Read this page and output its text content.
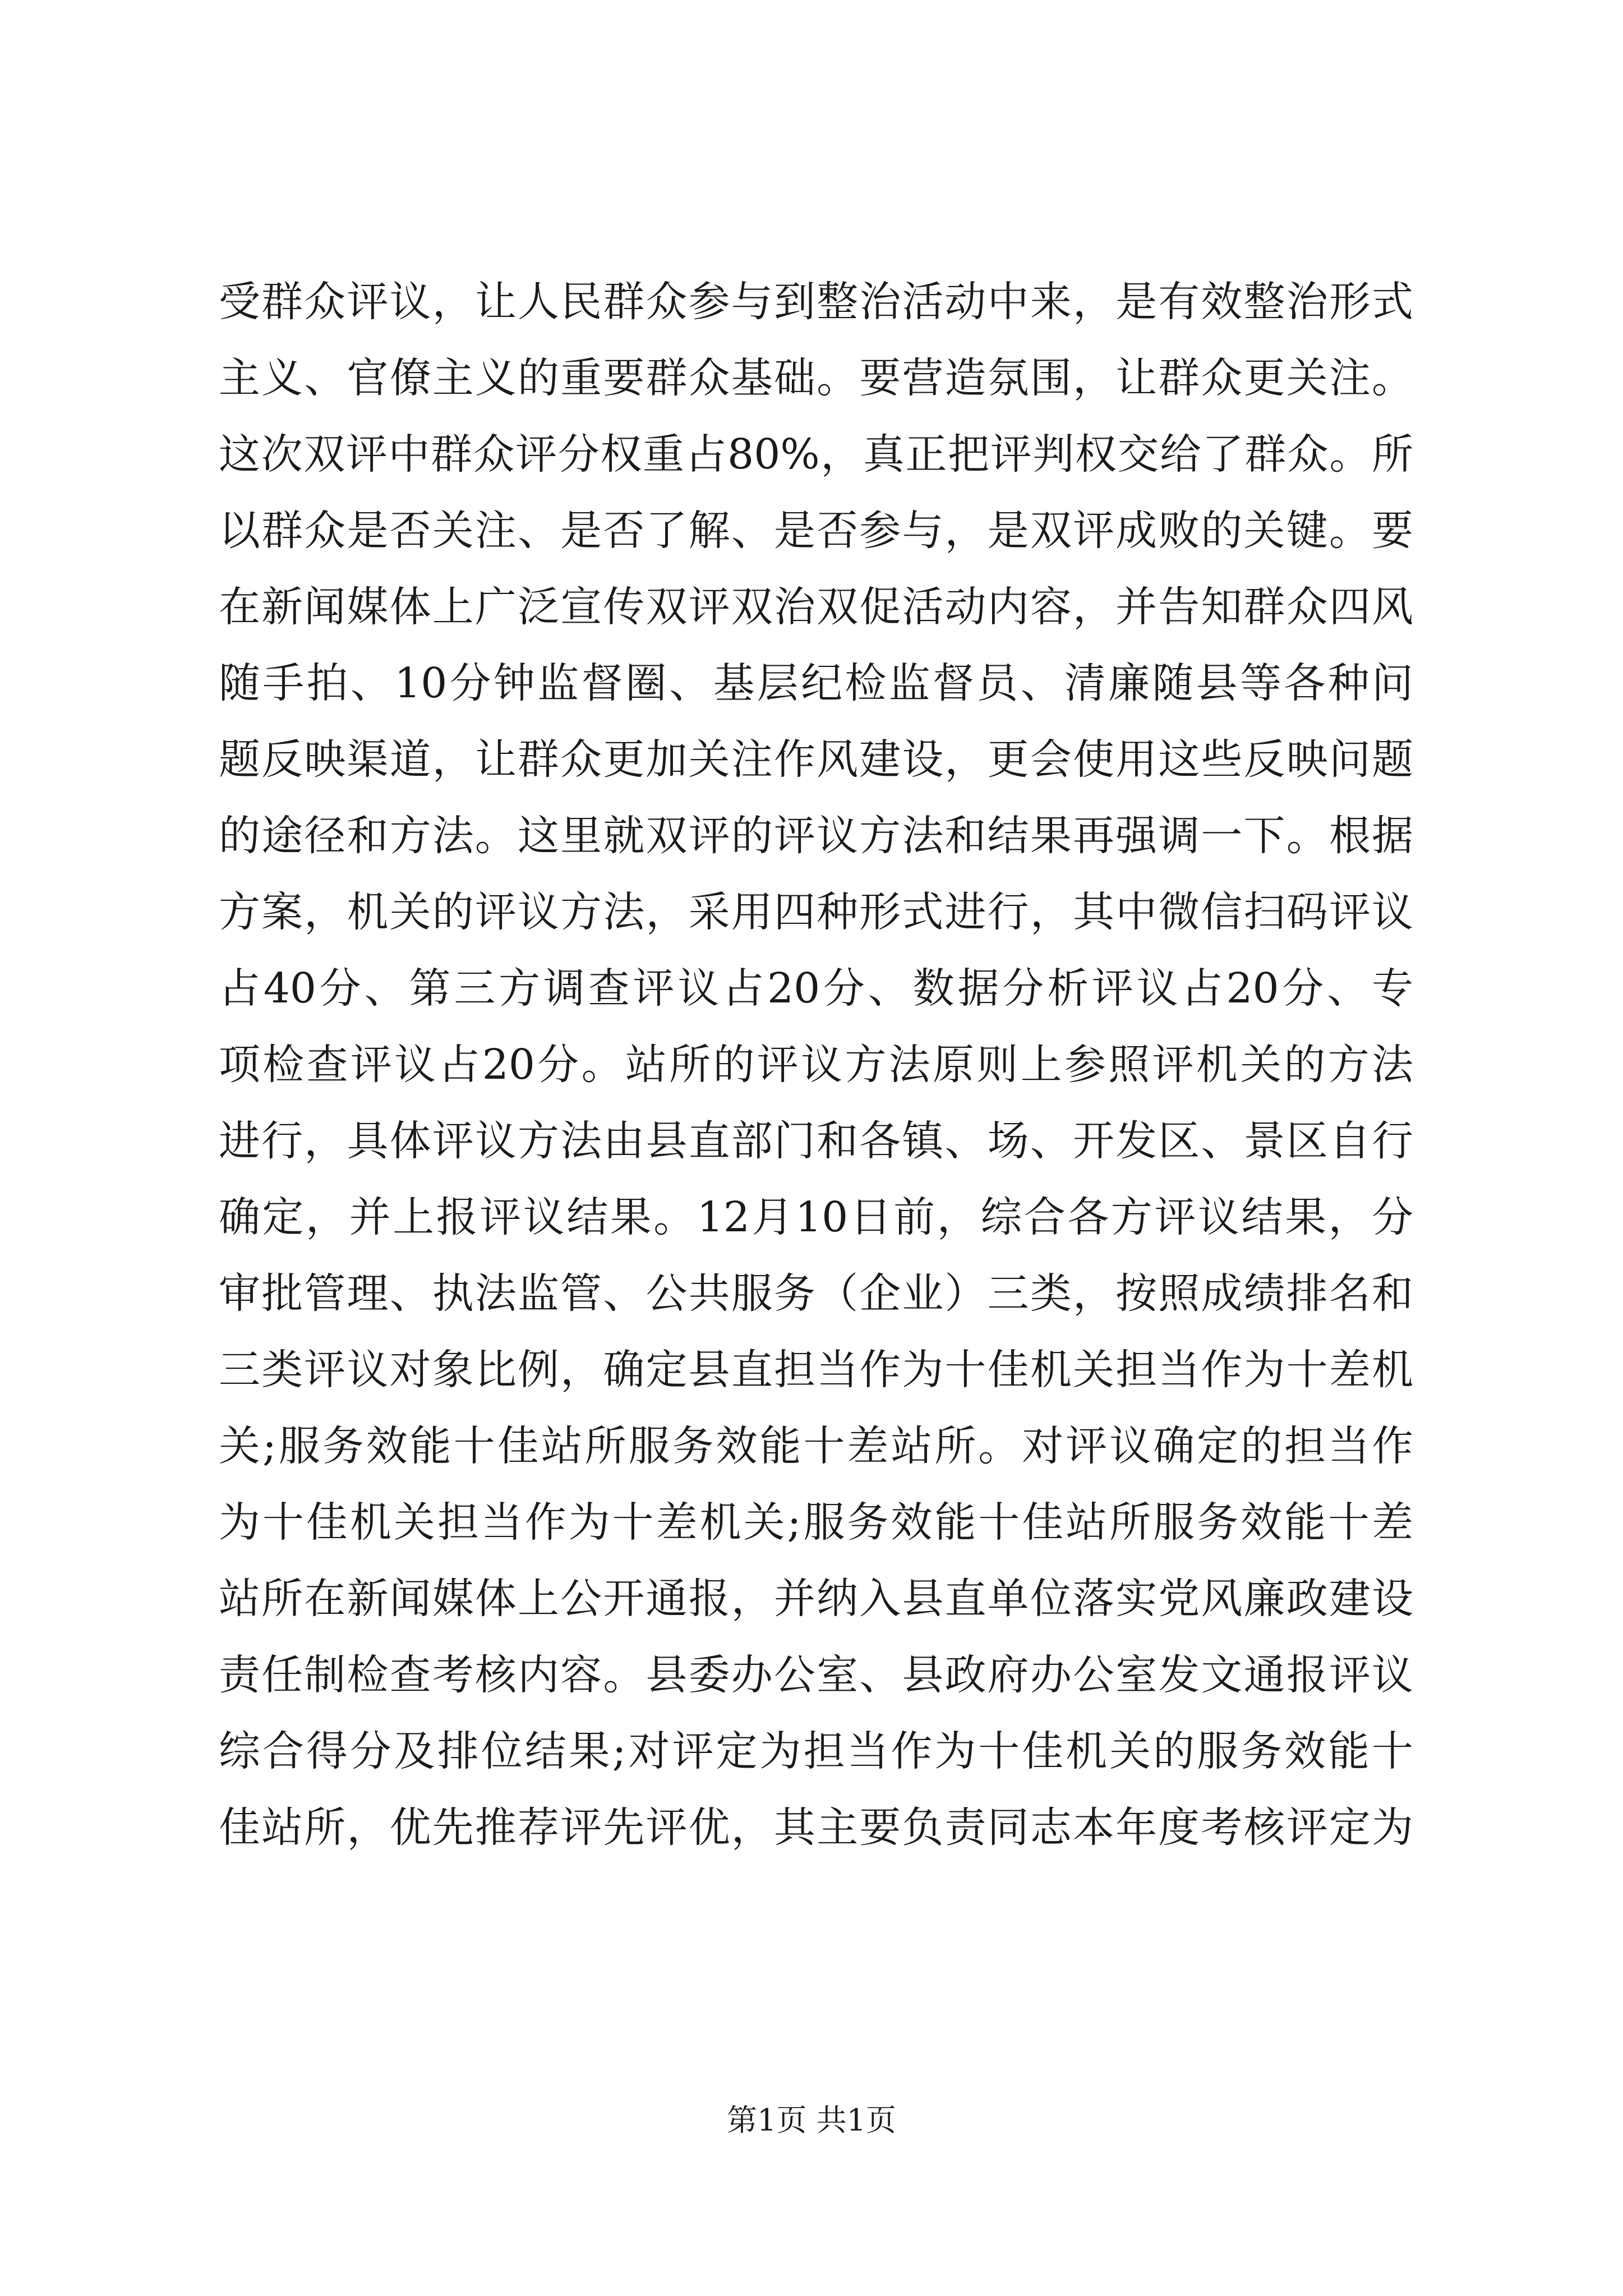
受群众评议，让人民群众参与到整治活动中来，是有效整治形式
主义、官僚主义的重要群众基础。要营造氛围，让群众更关注。
这次双评中群众评分权重占80%，真正把评判权交给了群众。所
以群众是否关注、是否了解、是否参与，是双评成败的关键。要
在新闻媒体上广泛宣传双评双治双促活动内容，并告知群众四风
随手拍、10分钟监督圈、基层纪检监督员、清廉随县等各种问
题反映渠道，让群众更加关注作风建设，更会使用这些反映问题
的途径和方法。这里就双评的评议方法和结果再强调一下。根据
方案，机关的评议方法，采用四种形式进行，其中微信扫码评议
占40分、第三方调查评议占20分、数据分析评议占20分、专
项检查评议占20分。站所的评议方法原则上参照评机关的方法
进行，具体评议方法由县直部门和各镇、场、开发区、景区自行
确定，并上报评议结果。12月10日前，综合各方评议结果，分
审批管理、执法监管、公共服务（企业）三类，按照成绩排名和
三类评议对象比例，确定县直担当作为十佳机关担当作为十差机
关;服务效能十佳站所服务效能十差站所。对评议确定的担当作
为十佳机关担当作为十差机关;服务效能十佳站所服务效能十差
站所在新闻媒体上公开通报，并纳入县直单位落实党风廉政建设
责任制检查考核内容。县委办公室、县政府办公室发文通报评议
综合得分及排位结果;对评定为担当作为十佳机关的服务效能十
佳站所，优先推荐评先评优，其主要负责同志本年度考核评定为
第1页 共1页
